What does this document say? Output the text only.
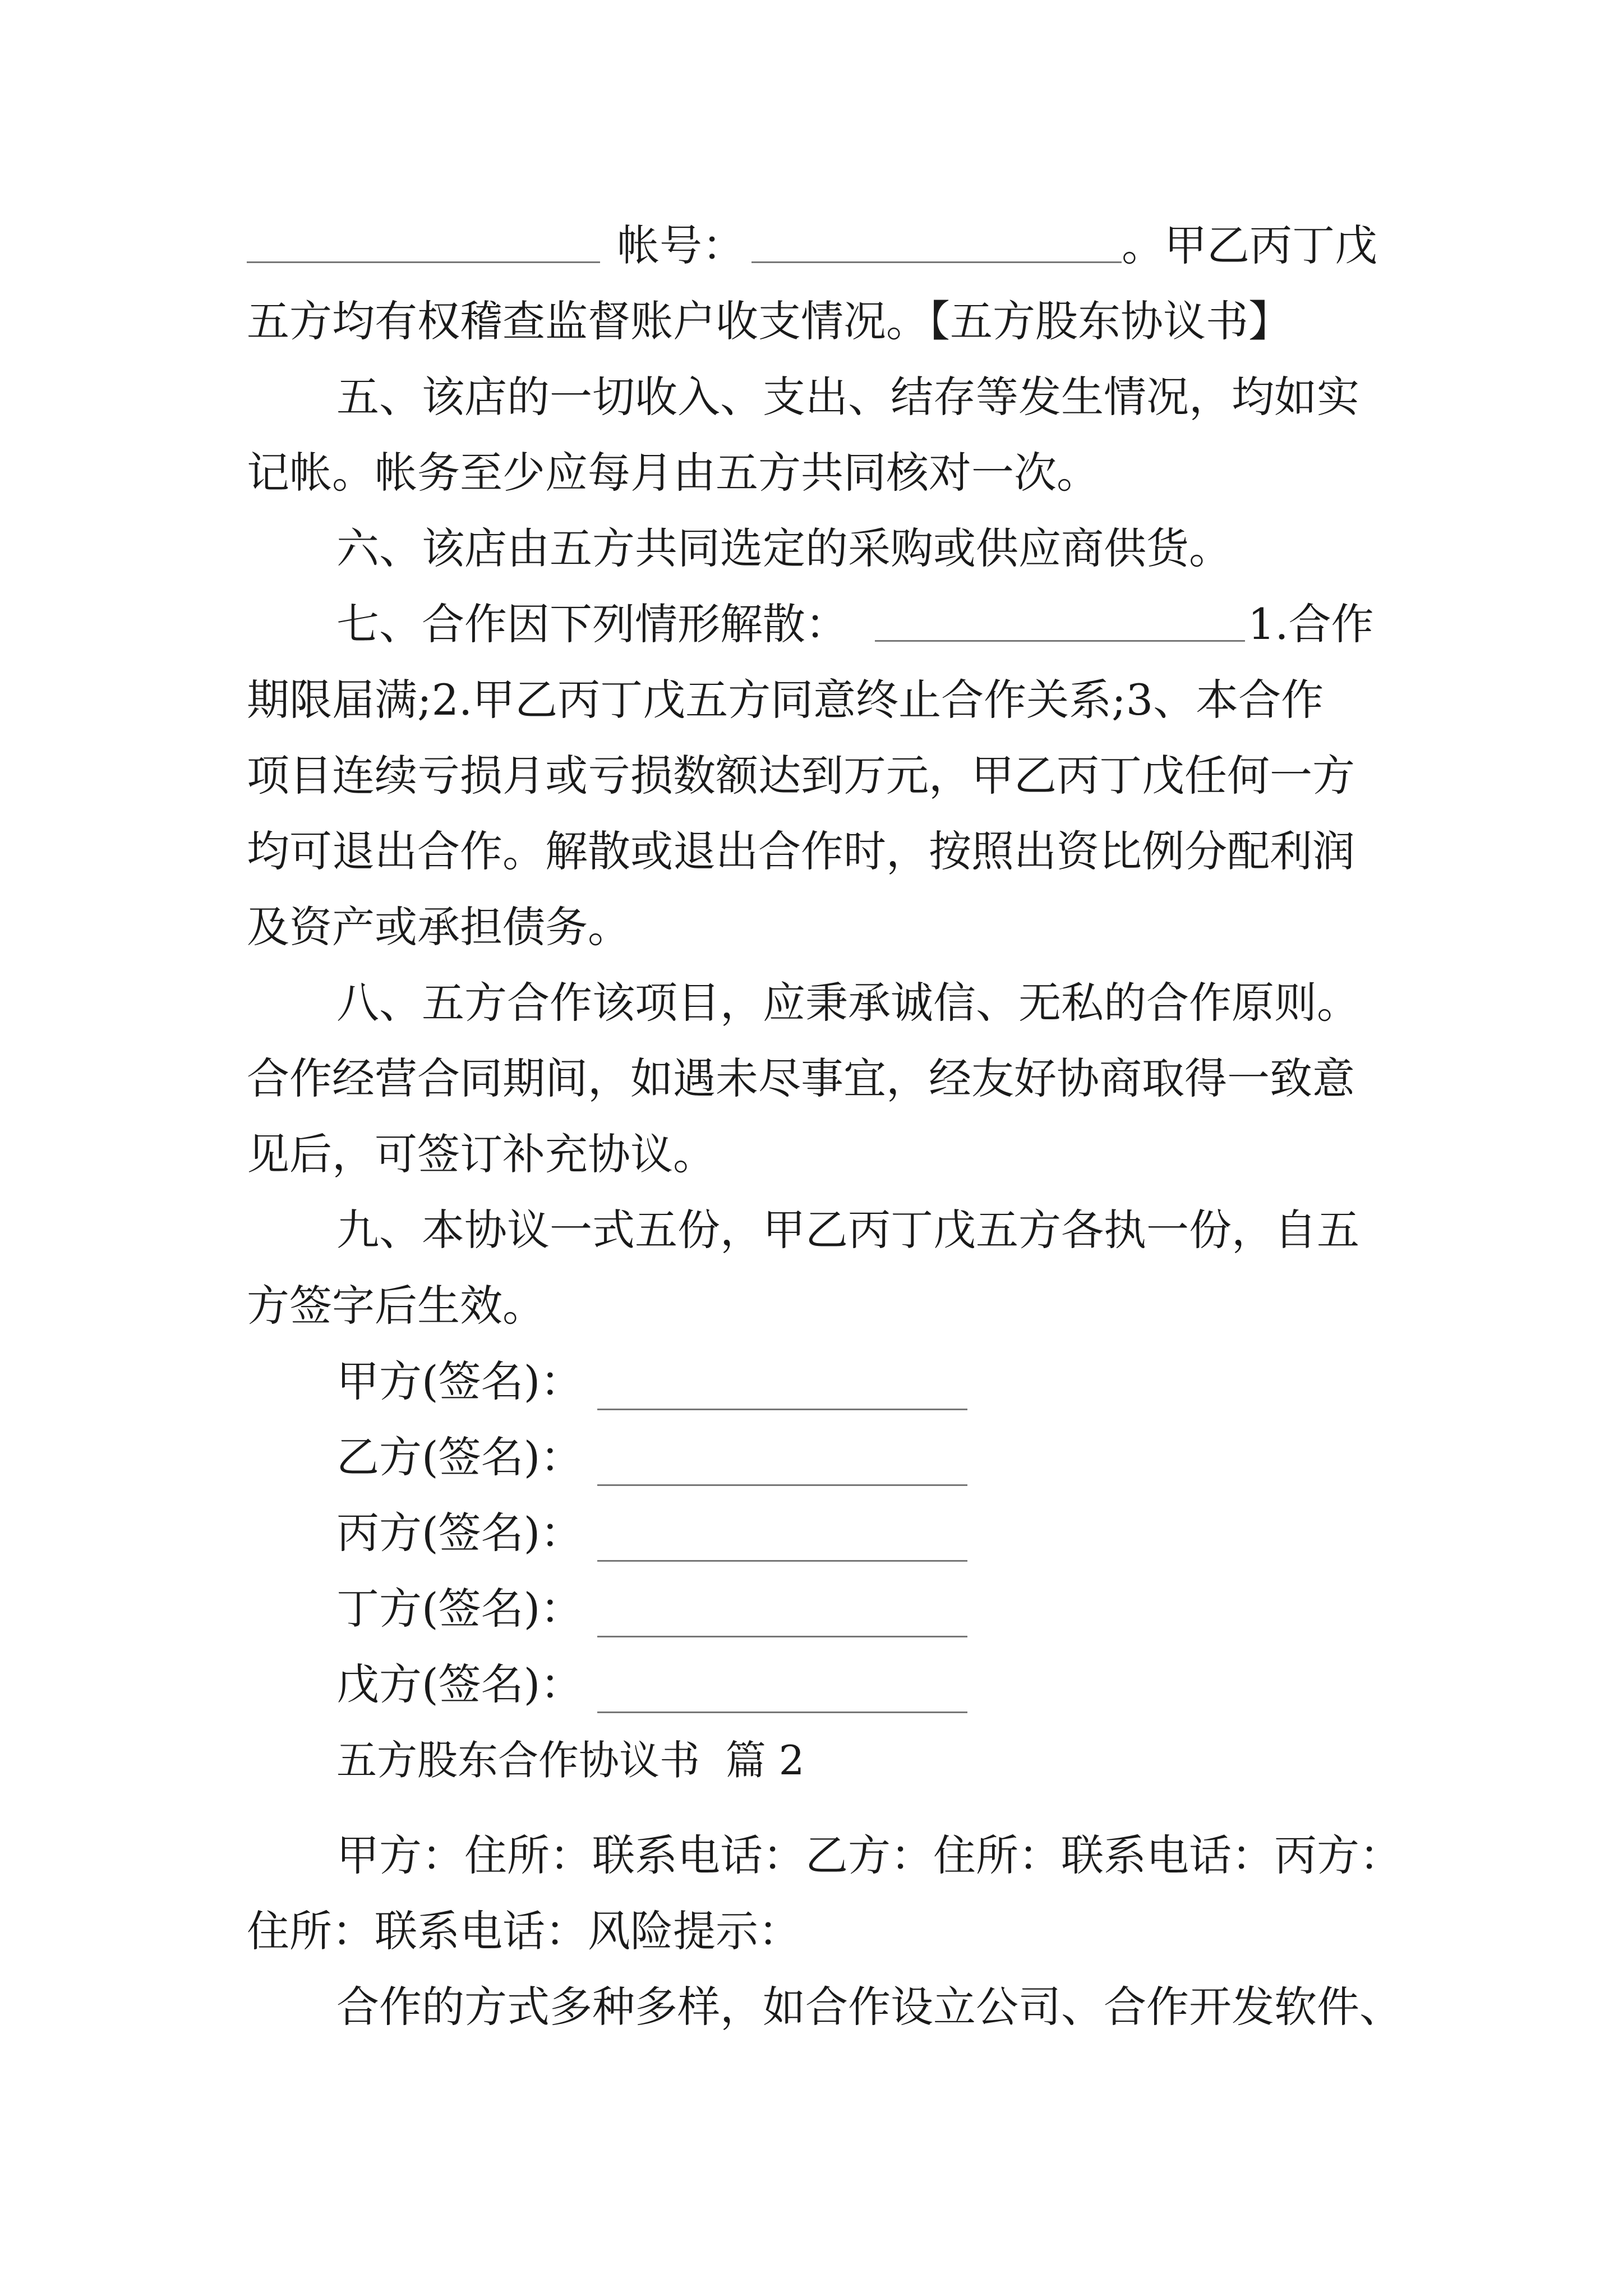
帐号：	。甲乙丙丁戊
五方均有权稽查监督账户收支情况。【五方股东协议书】
五、该店的一切收入、支出、结存等发生情况，均如实
记帐。帐务至少应每月由五方共同核对一次。
六、该店由五方共同选定的采购或供应商供货。
七、合作因下列情形解散：	1.合作
期限届满;2.甲乙丙丁戊五方同意终止合作关系;3、本合作
项目连续亏损月或亏损数额达到万元，甲乙丙丁戊任何一方
均可退出合作。解散或退出合作时，按照出资比例分配利润
及资产或承担债务。
八、五方合作该项目，应秉承诚信、无私的合作原则。
合作经营合同期间，如遇未尽事宜，经友好协商取得一致意
见后，可签订补充协议。
九、本协议一式五份，甲乙丙丁戊五方各执一份，自五
方签字后生效。
甲方(签名)：
乙方(签名)：
丙方(签名)：
丁方(签名)：
戊方(签名)：
五方股东合作协议书  篇 2
甲方：住所：联系电话：乙方：住所：联系电话：丙方：
住所：联系电话：风险提示：
合作的方式多种多样，如合作设立公司、合作开发软件、
